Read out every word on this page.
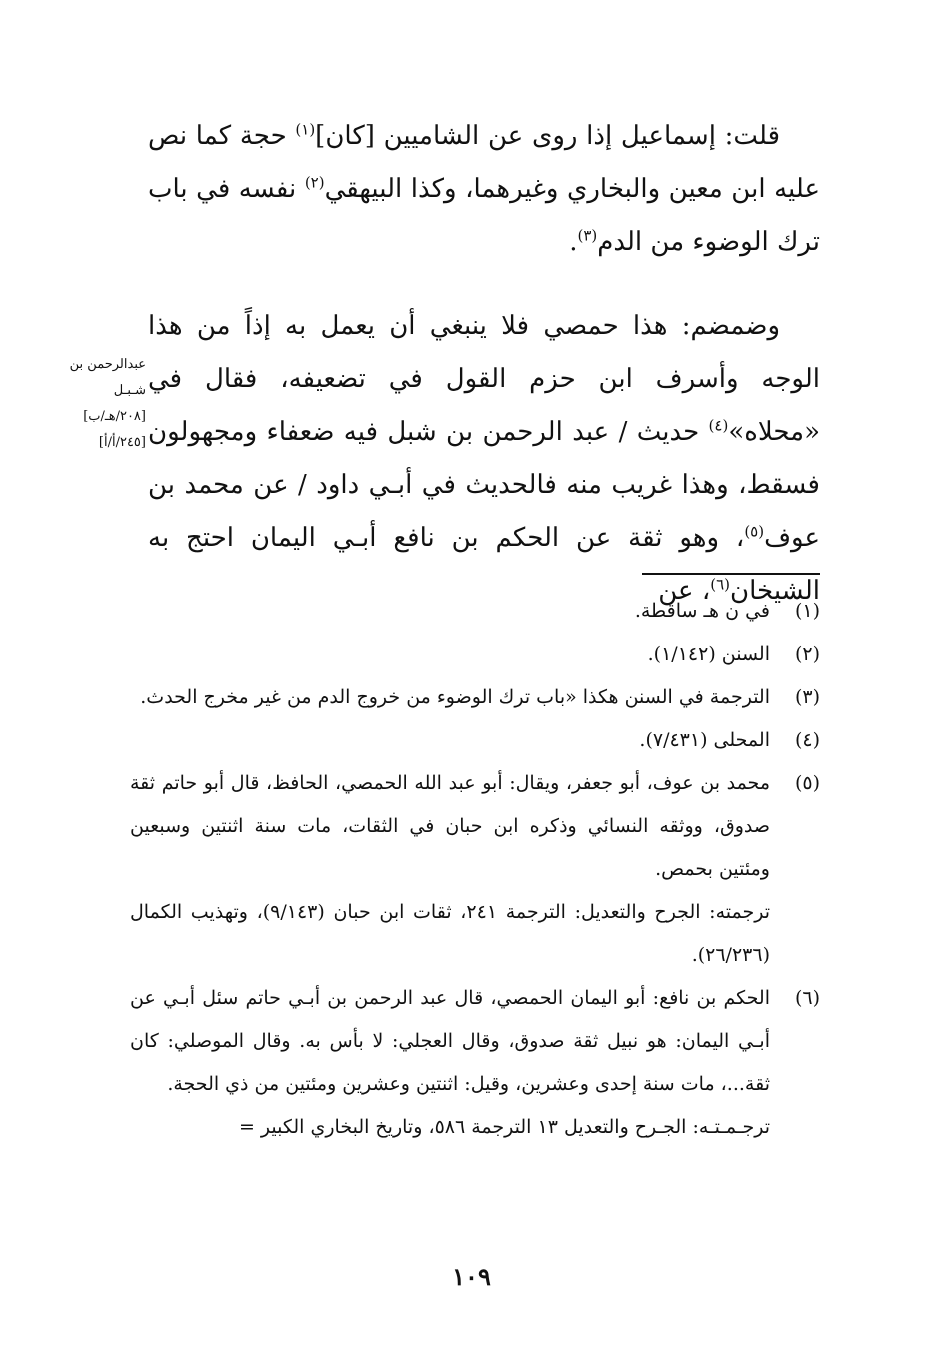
قلت: إسماعيل إذا روى عن الشاميين [كان]$^{(١)}$ حجة كما نص عليه ابن معين والبخاري وغيرهما، وكذا البيهقي$^{(٢)}$ نفسه في باب ترك الوضوء من الدم$^{(٣)}$.

وضمضم: هذا حمصي فلا ينبغي أن يعمل به إذاً من هذا الوجه وأسرف ابن حزم القول في تضعيفه، فقال في «محلاه»$^{(٤)}$ حديث / عبد الرحمن بن شبل فيه ضعفاء ومجهولون فسقط، وهذا غريب منه فالحديث في أبـي داود / عن محمد بن عوف$^{(٥)}$، وهو ثقة عن الحكم بن نافع أبـي اليمان احتج به الشيخان$^{(٦)}$، عن

عبدالرحمن بن
شـبـل
[٢٠٨/هـ/ب]
[٢٤٥/أ/أ]
(١)
في ن هـ ساقطة.
(٢)
السنن (١/١٤٢).
(٣)
الترجمة في السنن هكذا «باب ترك الوضوء من خروج الدم من غير مخرج الحدث.
(٤)
المحلى (٧/٤٣١).
(٥)
محمد بن عوف، أبو جعفر، ويقال: أبو عبد الله الحمصي، الحافظ، قال أبو حاتم ثقة صدوق، ووثقه النسائي وذكره ابن حبان في الثقات، مات سنة اثنتين وسبعين ومئتين بحمص.
ترجمته: الجرح والتعديل: الترجمة ٢٤١، ثقات ابن حبان (٩/١٤٣)، وتهذيب الكمال (٢٦/٢٣٦).
(٦)
الحكم بن نافع: أبو اليمان الحمصي، قال عبد الرحمن بن أبـي حاتم سئل أبـي عن أبـي اليمان: هو نبيل ثقة صدوق، وقال العجلي: لا بأس به. وقال الموصلي: كان ثقة...، مات سنة إحدى وعشرين، وقيل: اثنتين وعشرين ومئتين من ذي الحجة.
ترجـمـتـه: الجـرح والتعديل ١٣ الترجمة ٥٨٦، وتاريخ البخاري الكبير =
١٠٩
